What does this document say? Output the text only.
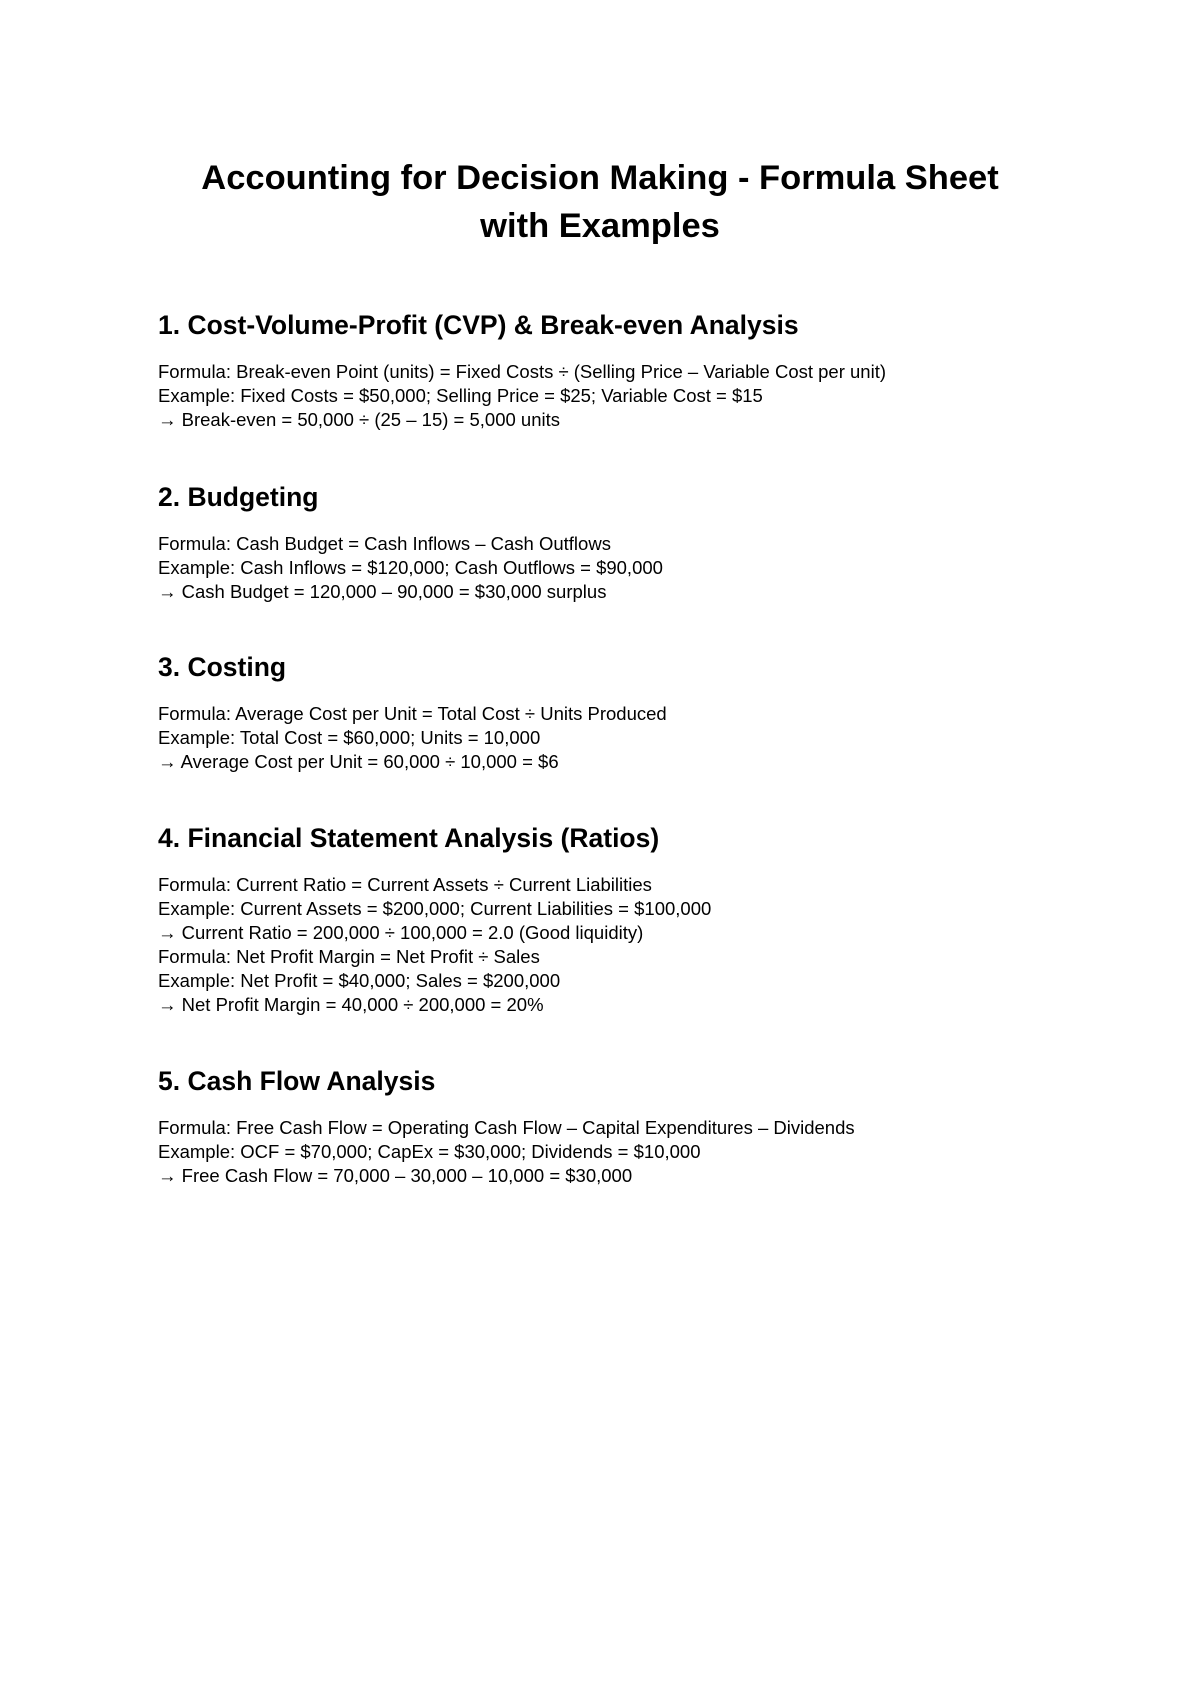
Accounting for Decision Making - Formula Sheet
with Examples
1. Cost-Volume-Profit (CVP) & Break-even Analysis

Formula: Break-even Point (units) = Fixed Costs ÷ (Selling Price – Variable Cost per unit)

Example: Fixed Costs = $50,000; Selling Price = $25; Variable Cost = $15

→ Break-even = 50,000 ÷ (25 – 15) = 5,000 units

2. Budgeting

Formula: Cash Budget = Cash Inflows – Cash Outflows

Example: Cash Inflows = $120,000; Cash Outflows = $90,000

→ Cash Budget = 120,000 – 90,000 = $30,000 surplus

3. Costing

Formula: Average Cost per Unit = Total Cost ÷ Units Produced

Example: Total Cost = $60,000; Units = 10,000

→ Average Cost per Unit = 60,000 ÷ 10,000 = $6

4. Financial Statement Analysis (Ratios)

Formula: Current Ratio = Current Assets ÷ Current Liabilities

Example: Current Assets = $200,000; Current Liabilities = $100,000

→ Current Ratio = 200,000 ÷ 100,000 = 2.0 (Good liquidity)

Formula: Net Profit Margin = Net Profit ÷ Sales

Example: Net Profit = $40,000; Sales = $200,000

→ Net Profit Margin = 40,000 ÷ 200,000 = 20%

5. Cash Flow Analysis

Formula: Free Cash Flow = Operating Cash Flow – Capital Expenditures – Dividends

Example: OCF = $70,000; CapEx = $30,000; Dividends = $10,000

→ Free Cash Flow = 70,000 – 30,000 – 10,000 = $30,000
